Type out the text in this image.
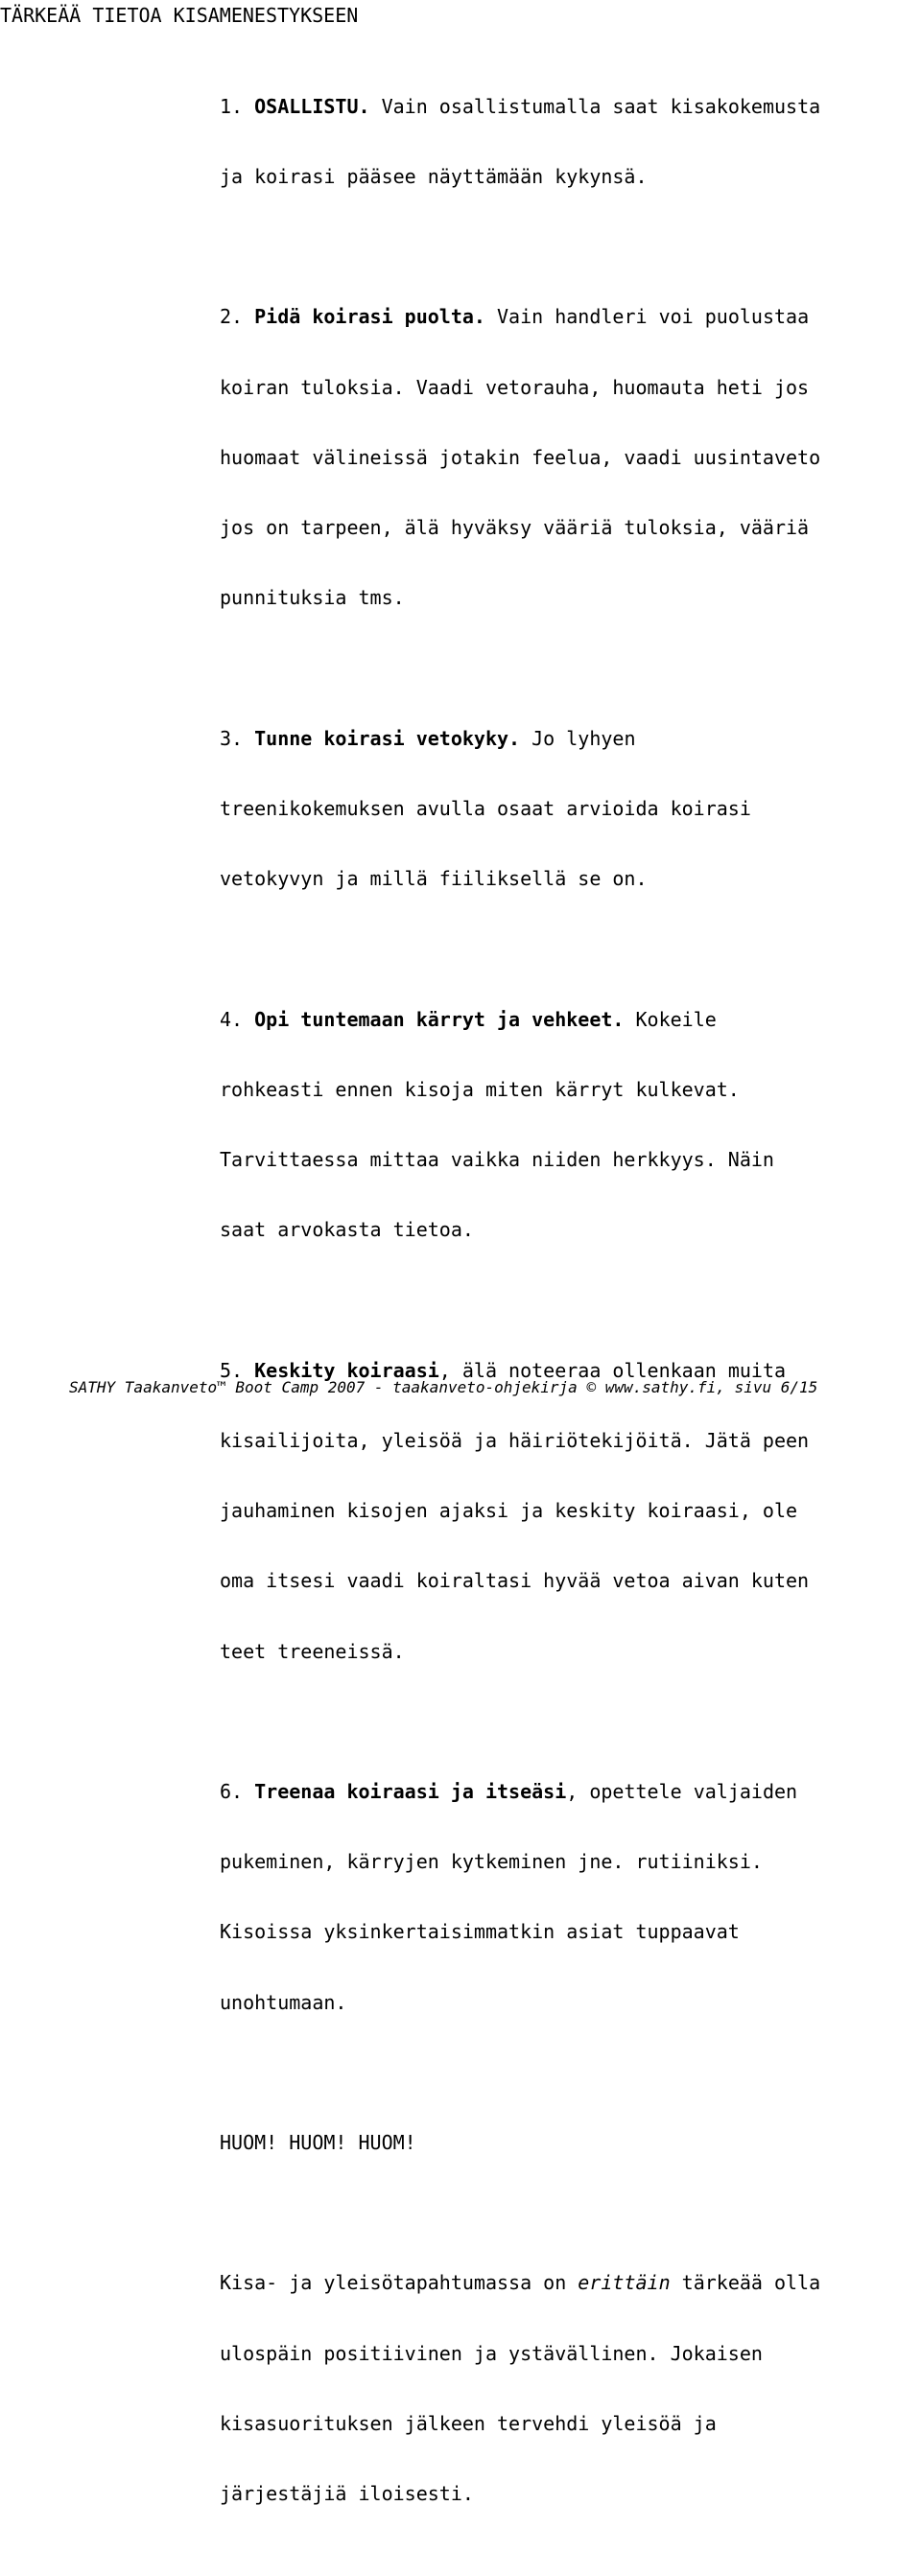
TÄRKEÄÄ TIETOA KISAMENESTYKSEEN

1. OSALLISTU. Vain osallistumalla saat kisakokemusta

ja koirasi pääsee näyttämään kykynsä.

2. Pidä koirasi puolta. Vain handleri voi puolustaa

koiran tuloksia. Vaadi vetorauha, huomauta heti jos

huomaat välineissä jotakin feelua, vaadi uusintaveto

jos on tarpeen, älä hyväksy vääriä tuloksia, vääriä

punnituksia tms.

3. Tunne koirasi vetokyky. Jo lyhyen

treenikokemuksen avulla osaat arvioida koirasi

vetokyvyn ja millä fiiliksellä se on.

4. Opi tuntemaan kärryt ja vehkeet. Kokeile

rohkeasti ennen kisoja miten kärryt kulkevat.

Tarvittaessa mittaa vaikka niiden herkkyys. Näin

saat arvokasta tietoa.

5. Keskity koiraasi, älä noteeraa ollenkaan muita

kisailijoita, yleisöä ja häiriötekijöitä. Jätä peen

jauhaminen kisojen ajaksi ja keskity koiraasi, ole

oma itsesi vaadi koiraltasi hyvää vetoa aivan kuten

teet treeneissä.

6. Treenaa koiraasi ja itseäsi, opettele valjaiden

pukeminen, kärryjen kytkeminen jne. rutiiniksi.

Kisoissa yksinkertaisimmatkin asiat tuppaavat

unohtumaan.

HUOM! HUOM! HUOM!

Kisa- ja yleisötapahtumassa on erittäin tärkeää olla

ulospäin positiivinen ja ystävällinen. Jokaisen

kisasuorituksen jälkeen tervehdi yleisöä ja

järjestäjiä iloisesti.

SATHY Taakanveto™ Boot Camp 2007 - taakanveto-ohjekirja © www.sathy.fi, sivu 6/15
